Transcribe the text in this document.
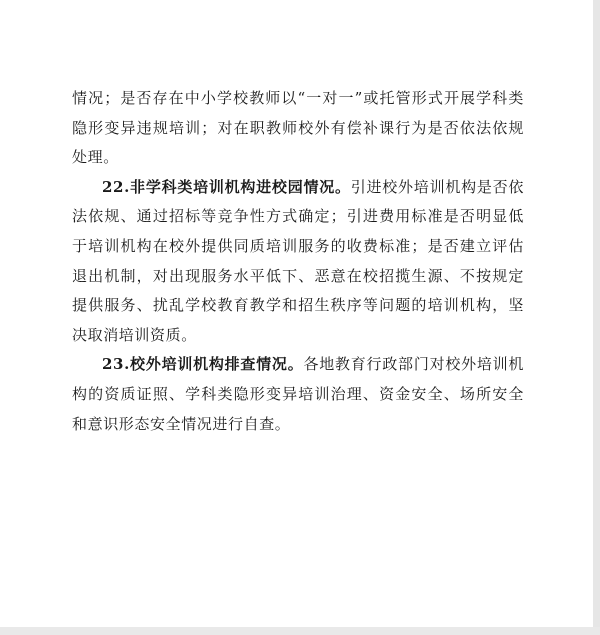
情况；是否存在中小学校教师以“一对一”或托管形式开展学科类隐形变异违规培训；对在职教师校外有偿补课行为是否依法依规处理。

22.非学科类培训机构进校园情况。引进校外培训机构是否依法依规、通过招标等竞争性方式确定；引进费用标准是否明显低于培训机构在校外提供同质培训服务的收费标准；是否建立评估退出机制，对出现服务水平低下、恶意在校招揽生源、不按规定提供服务、扰乱学校教育教学和招生秩序等问题的培训机构，坚决取消培训资质。

23.校外培训机构排查情况。各地教育行政部门对校外培训机构的资质证照、学科类隐形变异培训治理、资金安全、场所安全和意识形态安全情况进行自查。
